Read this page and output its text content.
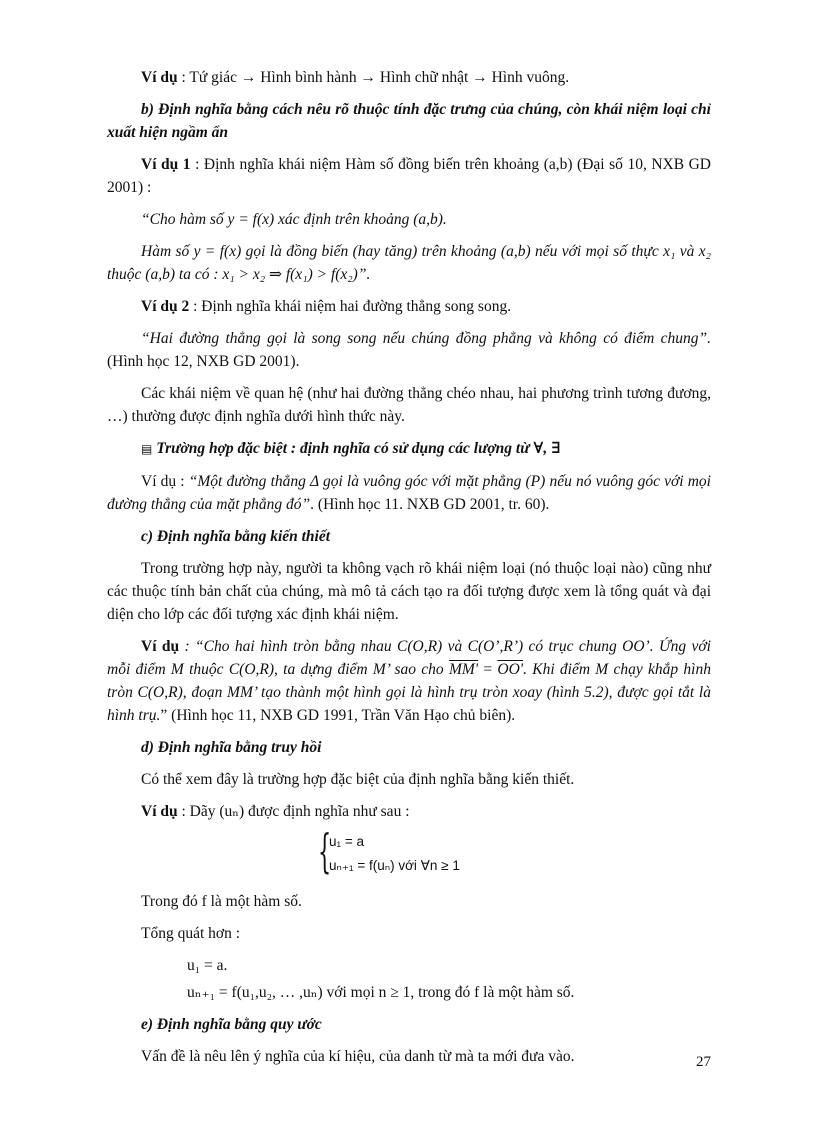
Ví dụ : Tứ giác → Hình bình hành → Hình chữ nhật → Hình vuông.

b) Định nghĩa bằng cách nêu rõ thuộc tính đặc trưng của chúng, còn khái niệm loại chỉ xuất hiện ngầm ẩn

Ví dụ 1 : Định nghĩa khái niệm Hàm số đồng biến trên khoảng (a,b) (Đại số 10, NXB GD 2001) :

“Cho hàm số y = f(x) xác định trên khoảng (a,b).

Hàm số y = f(x) gọi là đồng biến (hay tăng) trên khoảng (a,b) nếu với mọi số thực x₁ và x₂ thuộc (a,b) ta có : x₁ > x₂ ⇒ f(x₁) > f(x₂)”.

Ví dụ 2 : Định nghĩa khái niệm hai đường thẳng song song.

“Hai đường thẳng gọi là song song nếu chúng đồng phẳng và không có điểm chung”. (Hình học 12, NXB GD 2001).

Các khái niệm về quan hệ (như hai đường thẳng chéo nhau, hai phương trình tương đương, …) thường được định nghĩa dưới hình thức này.

▤ Trường hợp đặc biệt : định nghĩa có sử dụng các lượng từ ∀, ∃

Ví dụ : “Một đường thẳng Δ gọi là vuông góc với mặt phẳng (P) nếu nó vuông góc với mọi đường thẳng của mặt phẳng đó”. (Hình học 11. NXB GD 2001, tr. 60).

c) Định nghĩa bằng kiến thiết

Trong trường hợp này, người ta không vạch rõ khái niệm loại (nó thuộc loại nào) cũng như các thuộc tính bản chất của chúng, mà mô tả cách tạo ra đối tượng được xem là tổng quát và đại diện cho lớp các đối tượng xác định khái niệm.

Ví dụ : “Cho hai hình tròn bằng nhau C(O,R) và C(O’,R’) có trục chung OO’. Ứng với mỗi điểm M thuộc C(O,R), ta dựng điểm M’ sao cho MM' = OO'. Khi điểm M chạy khắp hình tròn C(O,R), đoạn MM’ tạo thành một hình gọi là hình trụ tròn xoay (hình 5.2), được gọi tắt là hình trụ.” (Hình học 11, NXB GD 1991, Trần Văn Hạo chủ biên).

d) Định nghĩa bằng truy hồi

Có thể xem đây là trường hợp đặc biệt của định nghĩa bằng kiến thiết.

Ví dụ : Dãy (uₙ) được định nghĩa như sau :

{
u₁ = a
uₙ₊₁ = f(uₙ) với ∀n ≥ 1

Trong đó f là một hàm số.

Tổng quát hơn :

u₁ = a.

uₙ₊₁ = f(u₁,u₂, … ,uₙ) với mọi n ≥ 1, trong đó f là một hàm số.

e) Định nghĩa bằng quy ước

Vấn đề là nêu lên ý nghĩa của kí hiệu, của danh từ mà ta mới đưa vào.	27
